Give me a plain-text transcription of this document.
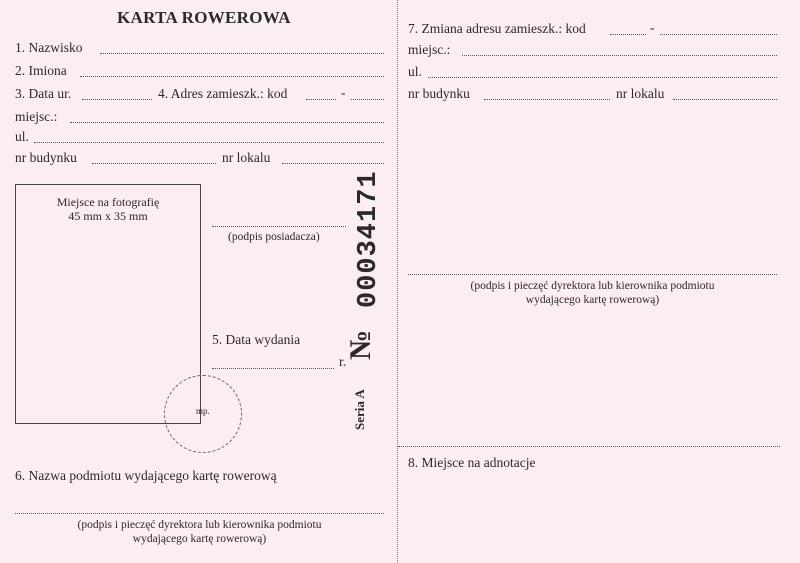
KARTA ROWEROWA
1. Nazwisko
2. Imiona
3. Data ur.	4. Adres zamieszk.: kod	-
miejsc.:
ul.
nr budynku	nr lokalu
Miejsce na fotografię
45 mm x 35 mm
(podpis posiadacza)
5. Data wydania
r.
mp.
6. Nazwa podmiotu wydającego kartę rowerową
(podpis i pieczęć dyrektora lub kierownika podmiotu
wydającego kartę rowerową)
Seria A
№
00034171
7. Zmiana adresu zamieszk.: kod	-
miejsc.:
ul.
nr budynku	nr lokalu
(podpis i pieczęć dyrektora lub kierownika podmiotu
wydającego kartę rowerową)
8. Miejsce na adnotacje
